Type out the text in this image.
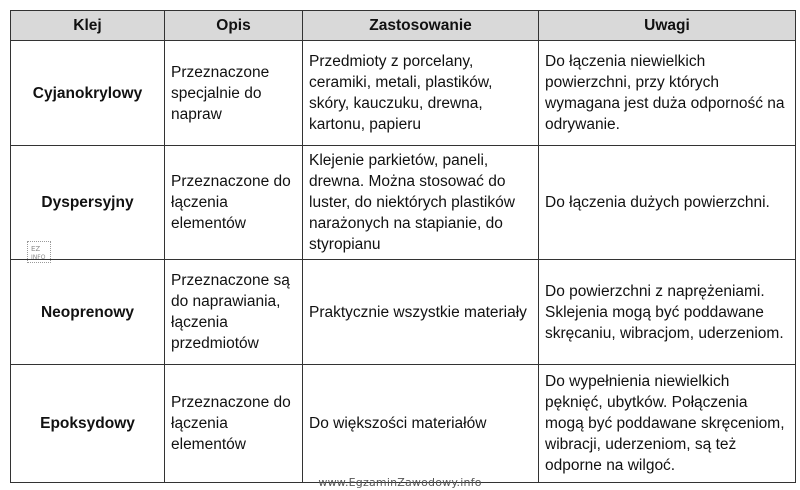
Klej	Opis	Zastosowanie	Uwagi
Cyjanokrylowy	Przeznaczone specjalnie do napraw	Przedmioty z porcelany, ceramiki, metali, plastików, skóry, kauczuku, drewna, kartonu, papieru	Do łączenia niewielkich powierzchni, przy których wymagana jest duża odporność na odrywanie.
Dyspersyjny	Przeznaczone do łączenia elementów	Klejenie parkietów, paneli, drewna. Można stosować do luster, do niektórych plastików narażonych na stapianie, do styropianu	Do łączenia dużych powierzchni.
Neoprenowy	Przeznaczone są do naprawiania, łączenia przedmiotów	Praktycznie wszystkie materiały	Do powierzchni z naprężeniami. Sklejenia mogą być poddawane skręcaniu, wibracjom, uderzeniom.
Epoksydowy	Przeznaczone do łączenia elementów	Do większości materiałów	Do wypełnienia niewielkich pęknięć, ubytków. Połączenia mogą być poddawane skręceniom, wibracji, uderzeniom, są też odporne na wilgoć.
EZ
INFO
www.EgzaminZawodowy.info
